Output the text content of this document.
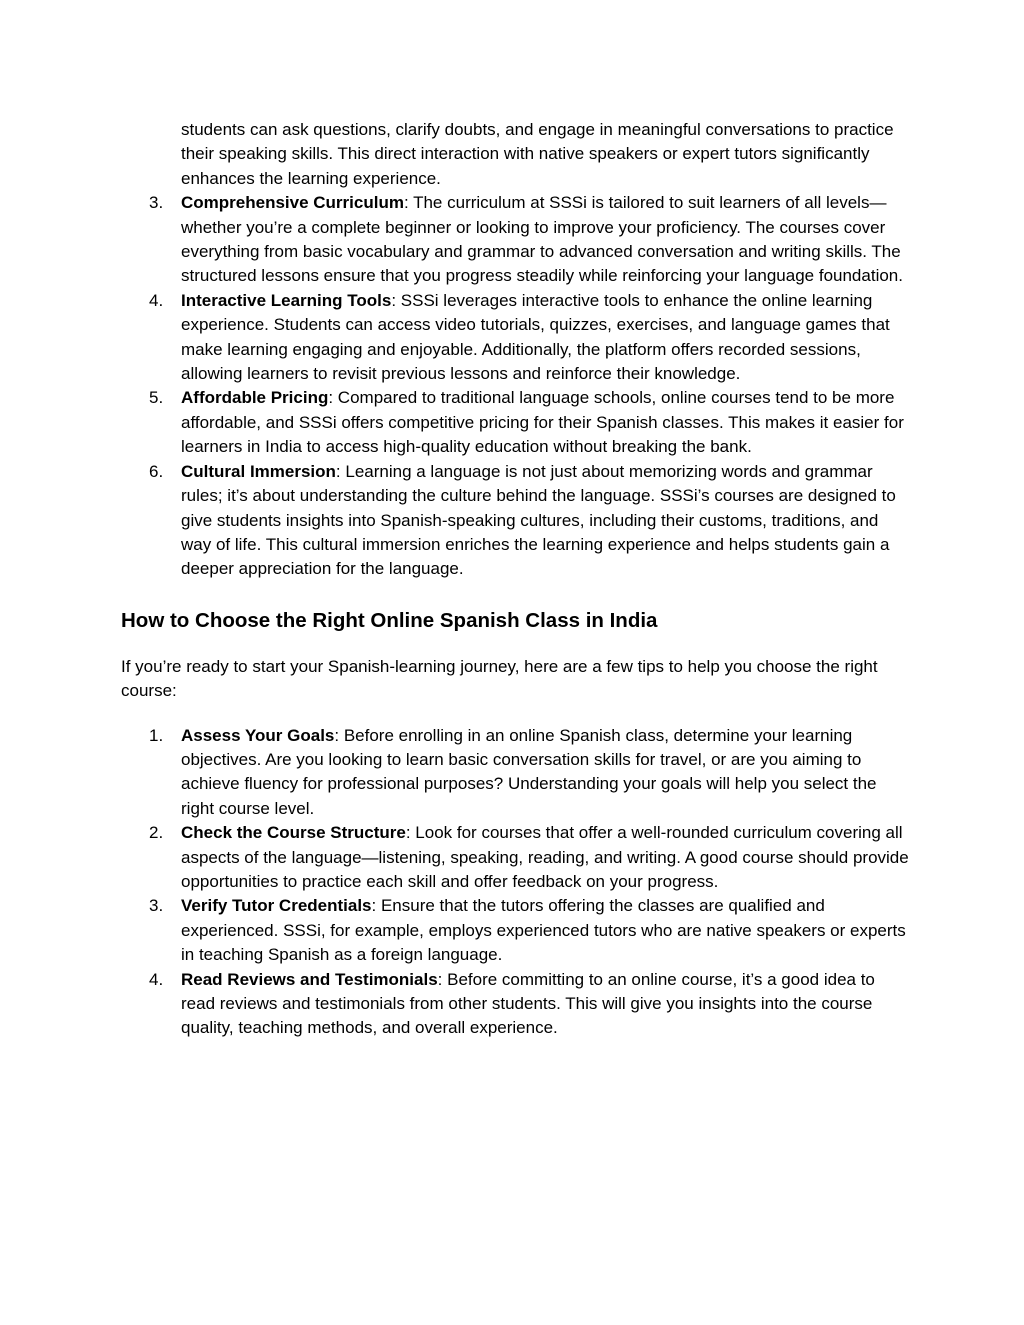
students can ask questions, clarify doubts, and engage in meaningful conversations to practice their speaking skills. This direct interaction with native speakers or expert tutors significantly enhances the learning experience.
3. Comprehensive Curriculum: The curriculum at SSSi is tailored to suit learners of all levels—whether you’re a complete beginner or looking to improve your proficiency. The courses cover everything from basic vocabulary and grammar to advanced conversation and writing skills. The structured lessons ensure that you progress steadily while reinforcing your language foundation.
4. Interactive Learning Tools: SSSi leverages interactive tools to enhance the online learning experience. Students can access video tutorials, quizzes, exercises, and language games that make learning engaging and enjoyable. Additionally, the platform offers recorded sessions, allowing learners to revisit previous lessons and reinforce their knowledge.
5. Affordable Pricing: Compared to traditional language schools, online courses tend to be more affordable, and SSSi offers competitive pricing for their Spanish classes. This makes it easier for learners in India to access high-quality education without breaking the bank.
6. Cultural Immersion: Learning a language is not just about memorizing words and grammar rules; it’s about understanding the culture behind the language. SSSi’s courses are designed to give students insights into Spanish-speaking cultures, including their customs, traditions, and way of life. This cultural immersion enriches the learning experience and helps students gain a deeper appreciation for the language.
How to Choose the Right Online Spanish Class in India

If you’re ready to start your Spanish-learning journey, here are a few tips to help you choose the right course:

1. Assess Your Goals: Before enrolling in an online Spanish class, determine your learning objectives. Are you looking to learn basic conversation skills for travel, or are you aiming to achieve fluency for professional purposes? Understanding your goals will help you select the right course level.
2. Check the Course Structure: Look for courses that offer a well-rounded curriculum covering all aspects of the language—listening, speaking, reading, and writing. A good course should provide opportunities to practice each skill and offer feedback on your progress.
3. Verify Tutor Credentials: Ensure that the tutors offering the classes are qualified and experienced. SSSi, for example, employs experienced tutors who are native speakers or experts in teaching Spanish as a foreign language.
4. Read Reviews and Testimonials: Before committing to an online course, it’s a good idea to read reviews and testimonials from other students. This will give you insights into the course quality, teaching methods, and overall experience.
